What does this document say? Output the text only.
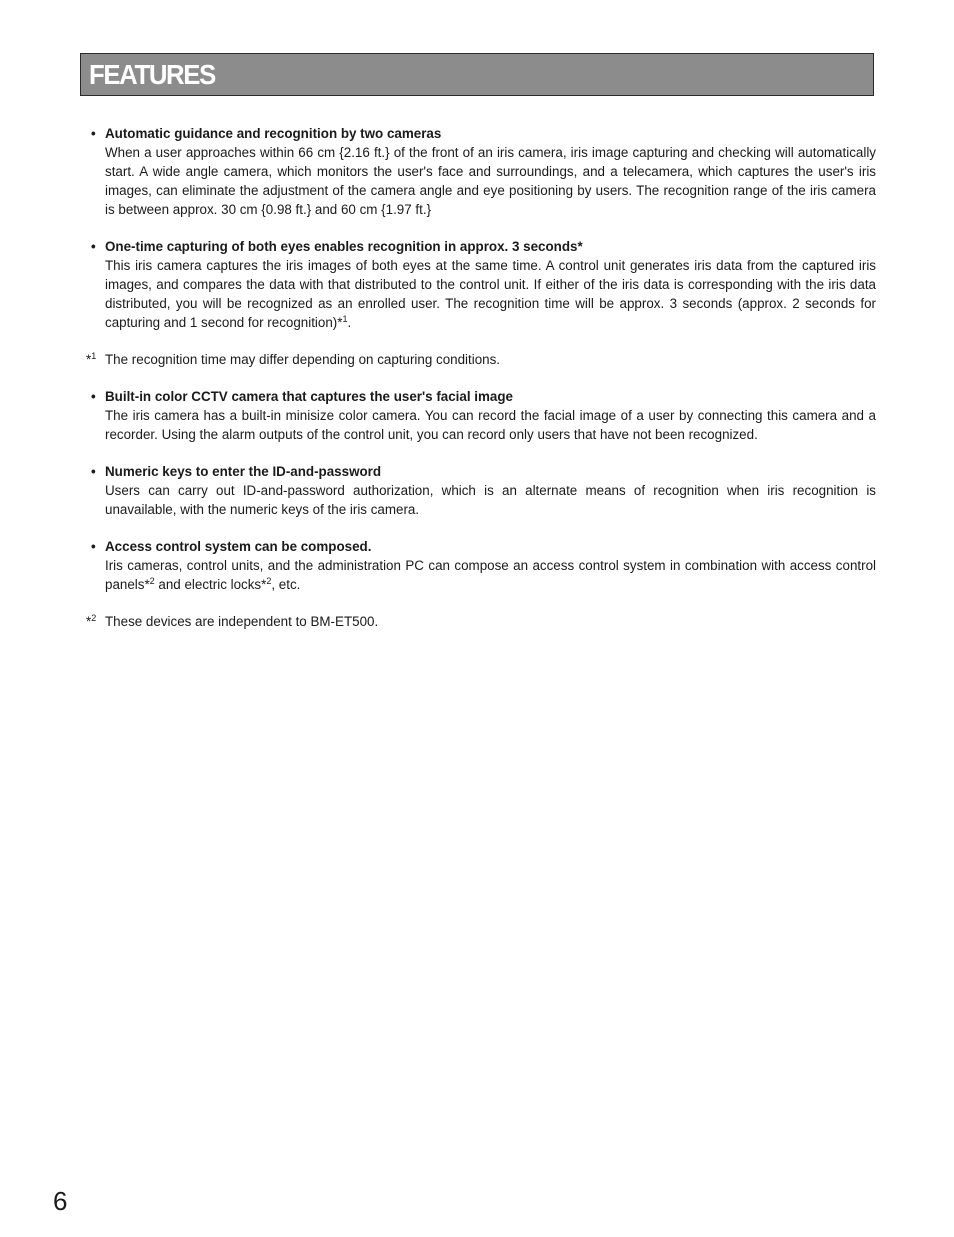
FEATURES
• Automatic guidance and recognition by two cameras
When a user approaches within 66 cm {2.16 ft.} of the front of an iris camera, iris image capturing and checking will automatically start. A wide angle camera, which monitors the user's face and surroundings, and a telecamera, which captures the user's iris images, can eliminate the adjustment of the camera angle and eye positioning by users. The recognition range of the iris camera is between approx. 30 cm {0.98 ft.} and 60 cm {1.97 ft.}
• One-time capturing of both eyes enables recognition in approx. 3 seconds*
This iris camera captures the iris images of both eyes at the same time. A control unit generates iris data from the captured iris images, and compares the data with that distributed to the control unit. If either of the iris data is corresponding with the iris data distributed, you will be recognized as an enrolled user. The recognition time will be approx. 3 seconds (approx. 2 seconds for capturing and 1 second for recognition)*$^1$.
*$^1$ The recognition time may differ depending on capturing conditions.
• Built-in color CCTV camera that captures the user's facial image
The iris camera has a built-in minisize color camera. You can record the facial image of a user by connecting this camera and a recorder. Using the alarm outputs of the control unit, you can record only users that have not been recognized.
• Numeric keys to enter the ID-and-password
Users can carry out ID-and-password authorization, which is an alternate means of recognition when iris recognition is unavailable, with the numeric keys of the iris camera.
• Access control system can be composed.
Iris cameras, control units, and the administration PC can compose an access control system in combination with access control panels*$^2$ and electric locks*$^2$, etc.
*$^2$ These devices are independent to BM-ET500.
6
